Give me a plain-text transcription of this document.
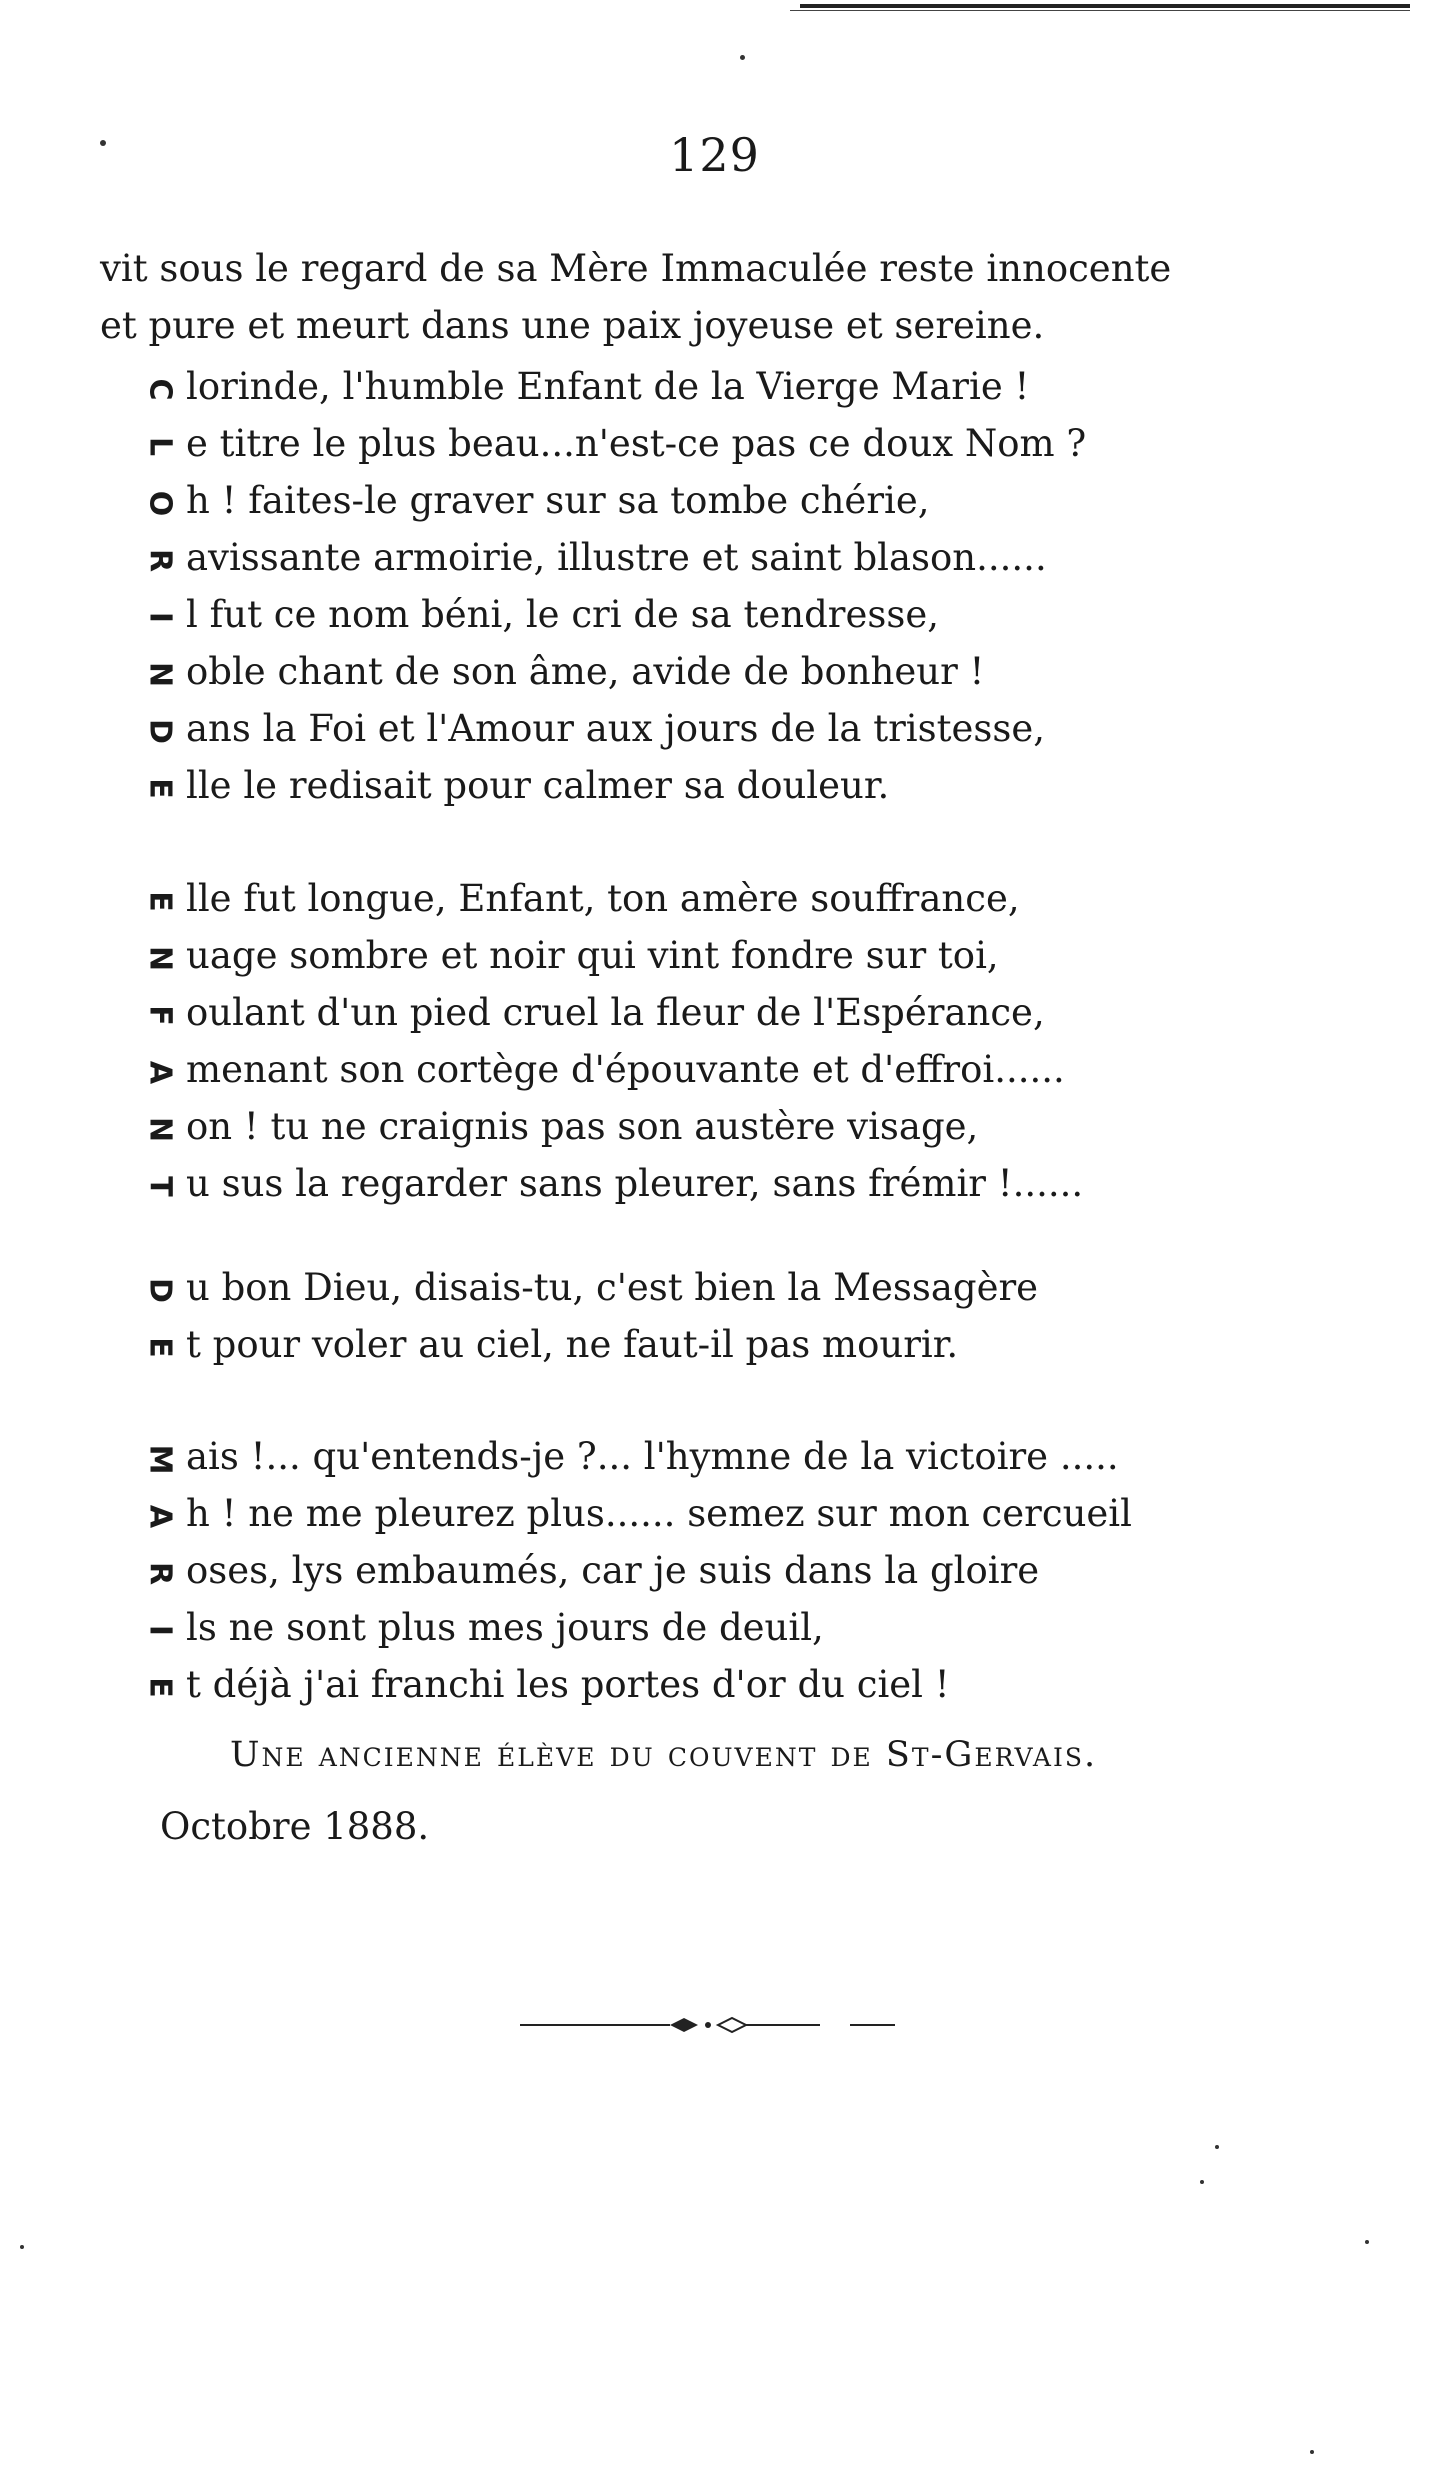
129
vit sous le regard de sa Mère Immaculée reste innocente
et pure et meurt dans une paix joyeuse et sereine.
C lorinde, l'humble Enfant de la Vierge Marie !
L e titre le plus beau...n'est-ce pas ce doux Nom ?
O h ! faites-le graver sur sa tombe chérie,
R avissante armoirie, illustre et saint blason......
I l fut ce nom béni, le cri de sa tendresse,
N oble chant de son âme, avide de bonheur !
D ans la Foi et l'Amour aux jours de la tristesse,
E lle le redisait pour calmer sa douleur.
E lle fut longue, Enfant, ton amère souffrance,
N uage sombre et noir qui vint fondre sur toi,
F oulant d'un pied cruel la fleur de l'Espérance,
A menant son cortège d'épouvante et d'effroi......
N on ! tu ne craignis pas son austère visage,
T u sus la regarder sans pleurer, sans frémir !......
D u bon Dieu, disais-tu, c'est bien la Messagère
E t pour voler au ciel, ne faut-il pas mourir.
M ais !... qu'entends-je ?... l'hymne de la victoire .....
A h ! ne me pleurez plus...... semez sur mon cercueil
R oses, lys embaumés, car je suis dans la gloire
I ls ne sont plus mes jours de deuil,
E t déjà j'ai franchi les portes d'or du ciel !
Une ancienne élève du couvent de St-Gervais.
Octobre 1888.
